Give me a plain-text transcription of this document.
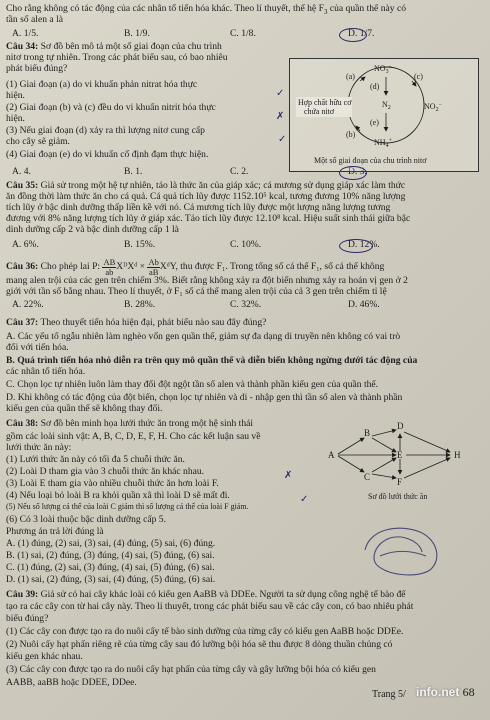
Cho rằng không có tác động của các nhân tố tiến hóa khác. Theo lí thuyết, thế hệ $F_3$ của quần thể này có
tần số alen a là
A. 1/5.	B. 1/9.	C. 1/8.	D. 1/7.
Câu 34: Sơ đồ bên mô tả một số giai đoạn của chu trình
nitơ trong tự nhiên. Trong các phát biểu sau, có bao nhiêu
phát biểu đúng?
(1) Giai đoạn (a) do vi khuẩn phản nitrat hóa thực
hiện.
(2) Giai đoạn (b) và (c) đều do vi khuẩn nitrit hóa thực
hiện.
(3) Nếu giai đoạn (d) xảy ra thì lượng nitơ cung cấp
cho cây sẽ giảm.
(4) Giai đoạn (e) do vi khuẩn cố định đạm thực hiện.
A. 4.	B. 1.	C. 2.	D. 3.
$NO_3^-$
$NO_2^-$
$NH_4^+$
$N_2$
Hợp chất hữu cơ
chứa nitơ
(a)
(b)
(c)
(d)
(e)
Một số giai đoạn của chu trình nitơ
Câu 35: Giả sử trong một hệ tự nhiên, tảo là thức ăn của giáp xác; cá mương sử dụng giáp xác làm thức
ăn đồng thời làm thức ăn cho cá quả. Cá quả tích lũy được 1152.10⁵ kcal, tương đương 10% năng lượng
tích lũy ở bậc dinh dưỡng thấp liền kề với nó. Cá mương tích lũy được một lượng năng lượng tương
đương với 8% năng lượng tích lũy ở giáp xác. Tảo tích lũy được 12.10⁸ kcal. Hiệu suất sinh thái giữa bậc
dinh dưỡng cấp 2 và bậc dinh dưỡng cấp 1 là
A. 6%.	B. 15%.	C. 10%.	D. 12%.
Câu 36: Cho phép lai P: $\frac{AB}{ab}$ XᴰXᵈ × $\frac{Ab}{aB}$ XᵈY, thu được F₁. Trong tổng số cá thể F₁, số cá thể không
mang alen trội của các gen trên chiếm 3%. Biết rằng không xảy ra đột biến nhưng xảy ra hoán vị gen ở 2
giới với tần số bằng nhau. Theo lí thuyết, ở F₁ số cá thể mang alen trội của cả 3 gen trên chiếm tỉ lệ
A. 22%.	B. 28%.	C. 32%.	D. 46%.
Câu 37: Theo thuyết tiến hóa hiện đại, phát biểu nào sau đây đúng?
A. Các yếu tố ngẫu nhiên làm nghèo vốn gen quần thể, giảm sự đa dạng di truyền nên không có vai trò
đối với tiến hóa.
B. Quá trình tiến hóa nhỏ diễn ra trên quy mô quần thể và diễn biến không ngừng dưới tác động của
các nhân tố tiến hóa.
C. Chọn lọc tự nhiên luôn làm thay đổi đột ngột tần số alen và thành phần kiểu gen của quần thể.
D. Khi không có tác động của đột biến, chọn lọc tự nhiên và di - nhập gen thì tần số alen và thành phần
kiểu gen của quần thể sẽ không thay đổi.
Câu 38: Sơ đồ bên minh họa lưới thức ăn trong một hệ sinh thái
gồm các loài sinh vật: A, B, C, D, E, F, H. Cho các kết luận sau về
lưới thức ăn này:
(1) Lưới thức ăn này có tối đa 5 chuỗi thức ăn.
(2) Loài D tham gia vào 3 chuỗi thức ăn khác nhau.
(3) Loài E tham gia vào nhiều chuỗi thức ăn hơn loài F.
(4) Nếu loại bỏ loài B ra khỏi quần xã thì loài D sẽ mất đi.
(5) Nếu số lượng cá thể của loài C giảm thì số lượng cá thể của loài F giảm.
(6) Có 3 loài thuộc bậc dinh dưỡng cấp 5.
Phương án trả lời đúng là
A. (1) đúng, (2) sai, (3) sai, (4) đúng, (5) sai, (6) đúng.
B. (1) sai, (2) đúng, (3) đúng, (4) sai, (5) đúng, (6) sai.
C. (1) đúng, (2) sai, (3) đúng, (4) sai, (5) đúng, (6) sai.
D. (1) sai, (2) đúng, (3) sai, (4) đúng, (5) đúng, (6) sai.
A
B
C
D
E
F
H
Sơ đồ lưới thức ăn
Câu 39: Giả sử có hai cây khác loài có kiểu gen AaBB và DDEe. Người ta sử dụng công nghệ tế bào để
tạo ra các cây con từ hai cây này. Theo lí thuyết, trong các phát biểu sau về các cây con, có bao nhiêu phát
biểu đúng?
(1) Các cây con được tạo ra do nuôi cấy tế bào sinh dưỡng của từng cây có kiểu gen AaBB hoặc DDEe.
(2) Nuôi cấy hạt phấn riêng rẽ của từng cây sau đó lưỡng bội hóa sẽ thu được 8 dòng thuần chủng có
kiểu gen khác nhau.
(3) Các cây con được tạo ra do nuôi cấy hạt phấn của từng cây và gây lưỡng bội hóa có kiểu gen
AABB, aaBB hoặc DDEE, DDee.
✓
✗
✓
✗
✓
Trang 5/ info.net 68
